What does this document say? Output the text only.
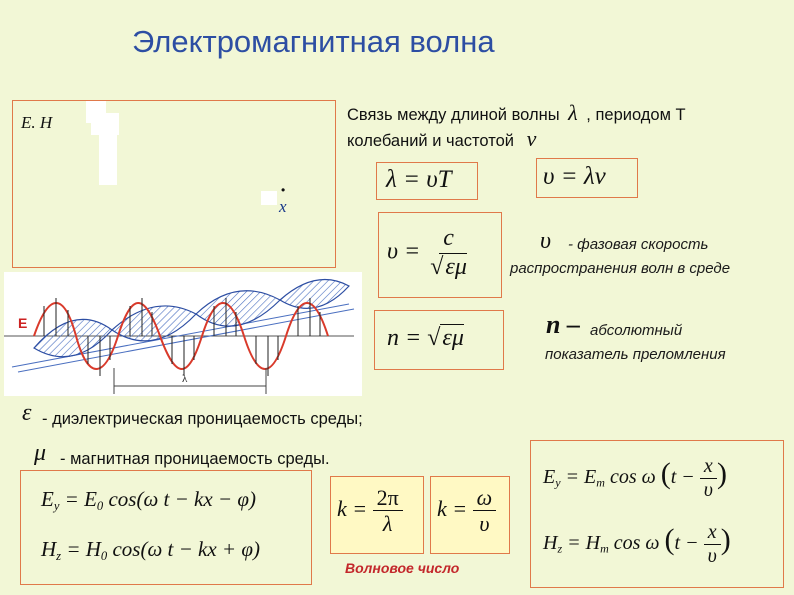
Электромагнитная волна
E. H
x
•
λ
E
Связь между длиной волны λ , периодом T
колебаний и частотой ν
λ = υT	υ = λν
$\upsilon = \frac{c}{√\varepsilon\mu}$
n = √εμ
υ - фазовая скорость
распространения волн в среде
n – абсолютный
показатель преломления
ε - диэлектрическая проницаемость среды;
μ - магнитная проницаемость среды.
$E_y = E_0$ cos(ω t − kx − φ)
$H_z = H_0$ cos(ω t − kx + φ)
$k = \frac{2\pi}{\lambda}$ $k = \frac{\omega}{\upsilon}$
Волновое число
$E_y = E_m$ cos ω ($t - \frac{x}{\upsilon}$ )
$H_z = H_m$ cos ω ($t - \frac{x}{\upsilon}$ )
